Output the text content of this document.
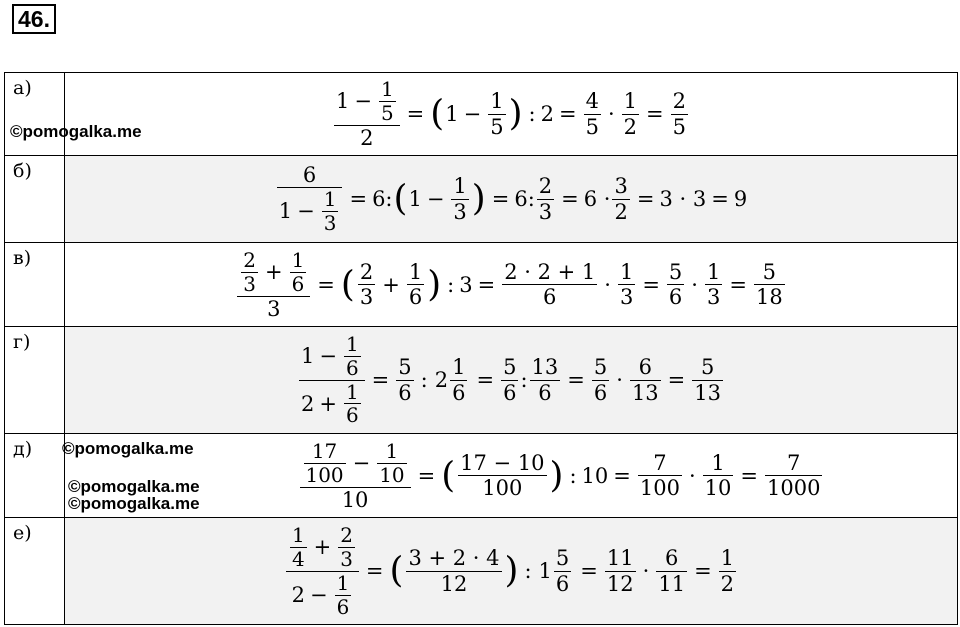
46.
а)	$\frac{1 - \frac{1}{5}}{2}$ = ( $1 - \frac{1}{5}$ ) : $2 = \frac{4}{5} \cdot \frac{1}{2} = \frac{2}{5}$
б)	$\frac{6}{1 - \frac{1}{3}} = 6$: ( $1 - \frac{1}{3}$ ) = 6: $\frac{2}{3} = 6 \cdot \frac{3}{2} = 3 \cdot 3 = 9$
в)	$\frac{\frac{2}{3} + \frac{1}{6}}{3}$ = ( $\frac{2}{3} + \frac{1}{6}$ ) : $3 = \frac{2 \cdot 2 + 1}{6} \cdot \frac{1}{3} = \frac{5}{6} \cdot \frac{1}{3} = \frac{5}{18}$
г)	$\frac{1 - \frac{1}{6}}{2 + \frac{1}{6}} = \frac{5}{6}$ : $2 \frac{1}{6} = \frac{5}{6}$ : $\frac{13}{6} = \frac{5}{6} \cdot \frac{6}{13} = \frac{5}{13}$
д)	$\frac{\frac{17}{100} - \frac{1}{10}}{10}$ = ( $\frac{17 - 10}{100}$ ) : $10 = \frac{7}{100} \cdot \frac{1}{10} = \frac{7}{1000}$
е)	$\frac{\frac{1}{4} + \frac{2}{3}}{2 - \frac{1}{6}}$ = ( $\frac{3 + 2 \cdot 4}{12}$ ) : $1 \frac{5}{6} = \frac{11}{12} \cdot \frac{6}{11} = \frac{1}{2}$
©pomogalka.me
©pomogalka.me
©pomogalka.me
©pomogalka.me
